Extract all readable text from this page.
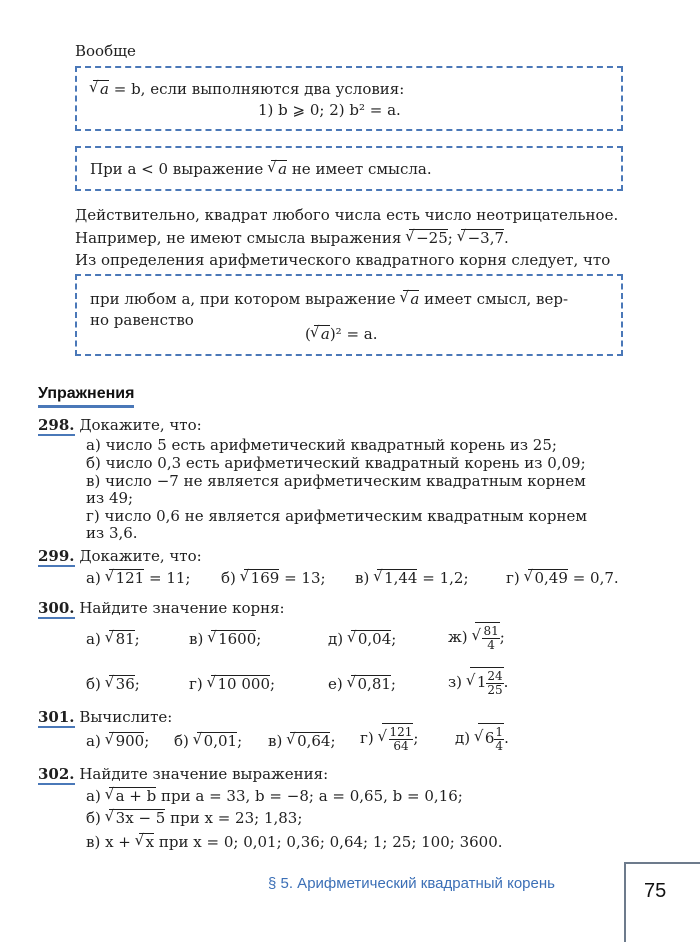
Вообще
√ a = b, если выполняются два условия:
1) b ⩾ 0; 2) b² = a.
При a < 0 выражение √ a не имеет смысла.
Действительно, квадрат любого числа есть число неотрицательное.
Например, не имеют смысла выражения √ −25; √ −3,7.
Из определения арифметического квадратного корня следует, что
при любом a, при котором выражение √ a имеет смысл, вер-
но равенство
( √ a)² = a.
Упражнения
298. Докажите, что:
а) число 5 есть арифметический квадратный корень из 25;
б) число 0,3 есть арифметический квадратный корень из 0,09;
в) число −7 не является арифметическим квадратным корнем
из 49;
г) число 0,6 не является арифметическим квадратным корнем
из 3,6.
299. Докажите, что:
а) √ 121 = 11; б) √ 169 = 13; в) √ 1,44 = 1,2; г) √ 0,49 = 0,7.
300. Найдите значение корня:
а) √ 81;	в) √ 1600;	д) √ 0,04;	ж) √ $\frac{81}{4}$ ;
б) √ 36;	г) √ 10 000;	е) √ 0,81;	з) √ $1 \frac{24}{25}$ .
301. Вычислите:
а) √ 900; б) √ 0,01; в) √ 0,64; г) √ $\frac{121}{64}$ ; д) √ $6 \frac{1}{4}$ .
302. Найдите значение выражения:
а) √ a + b при a = 33, b = −8; a = 0,65, b = 0,16;
б) √ 3x − 5 при x = 23; 1,83;
в) x + √ x при x = 0; 0,01; 0,36; 0,64; 1; 25; 100; 3600.
§ 5. Арифметический квадратный корень	75
